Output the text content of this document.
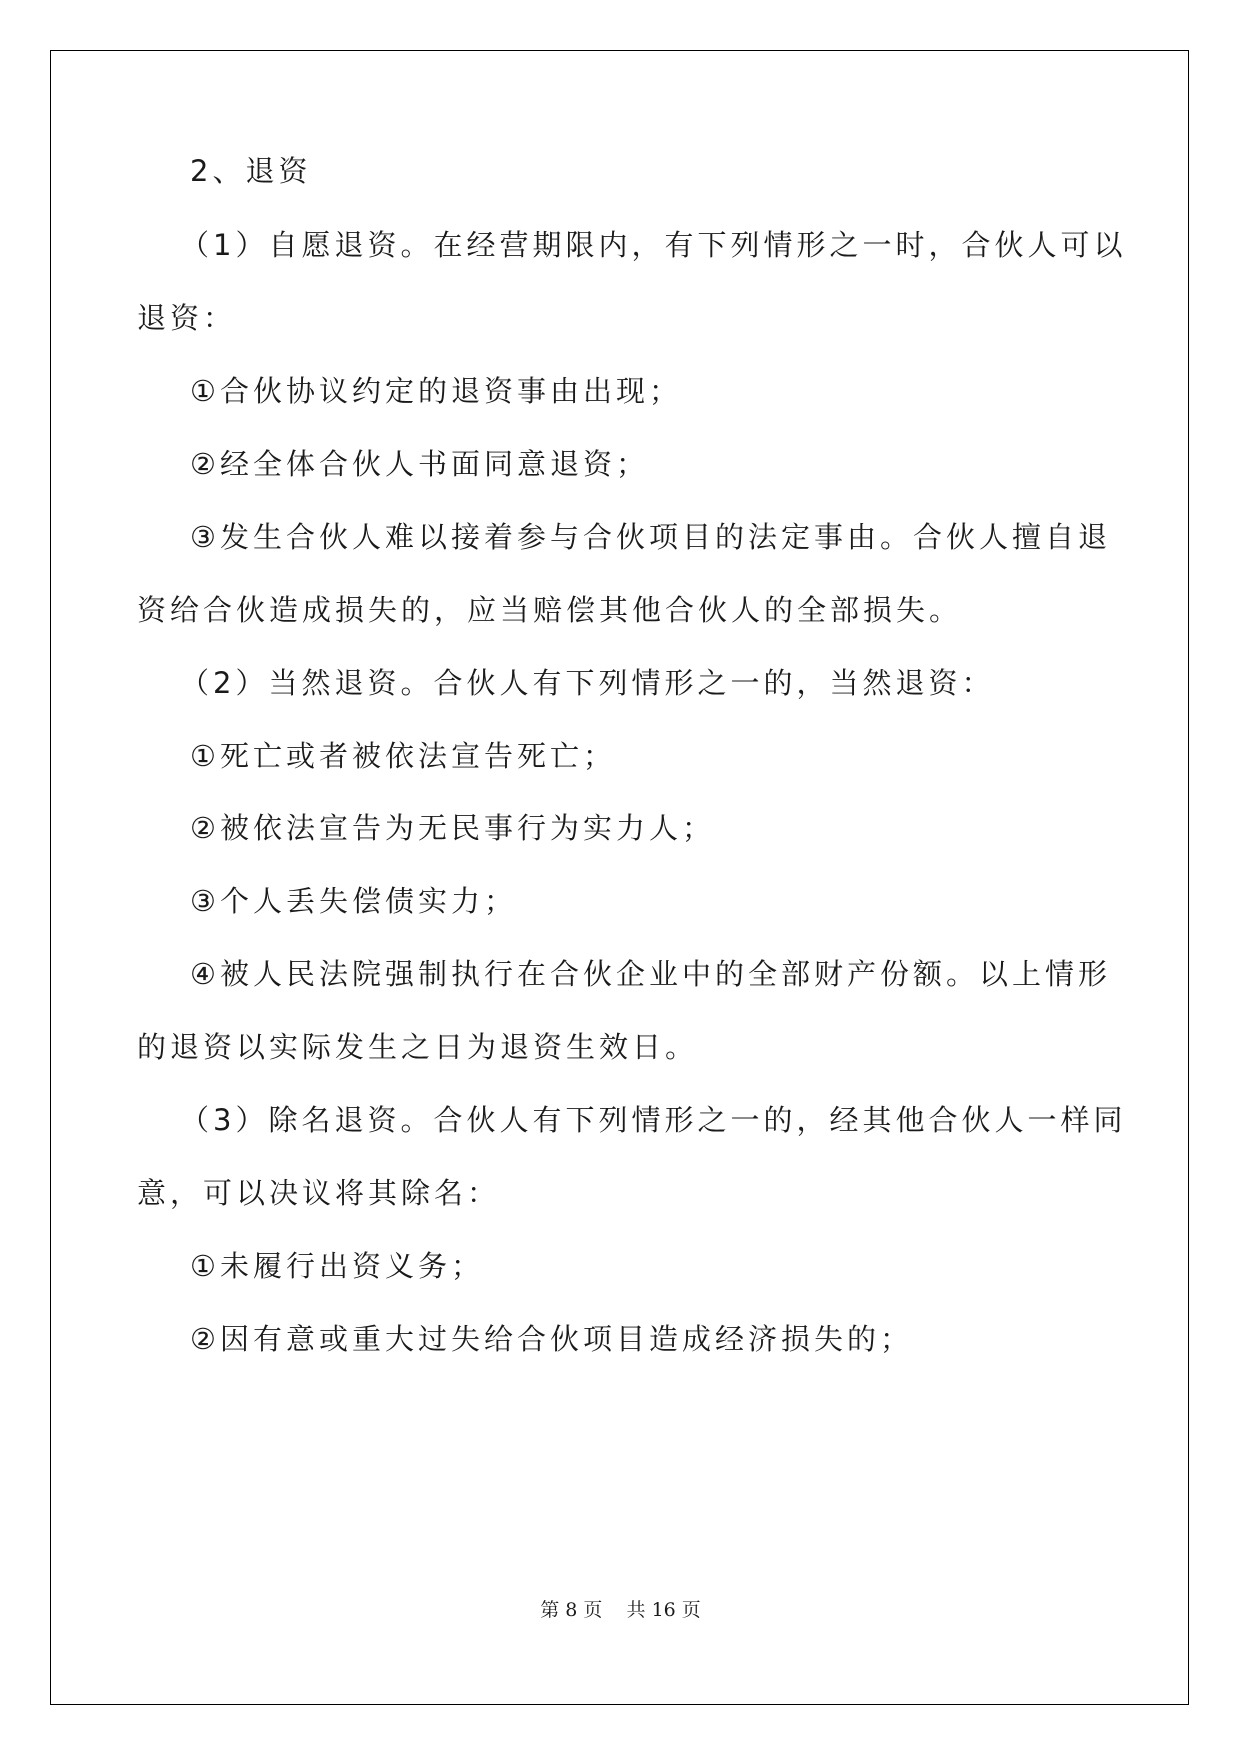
2、退资

（1）自愿退资。在经营期限内，有下列情形之一时，合伙人可以

退资：

①合伙协议约定的退资事由出现；

②经全体合伙人书面同意退资；

③发生合伙人难以接着参与合伙项目的法定事由。合伙人擅自退

资给合伙造成损失的，应当赔偿其他合伙人的全部损失。

（2）当然退资。合伙人有下列情形之一的，当然退资：

①死亡或者被依法宣告死亡；

②被依法宣告为无民事行为实力人；

③个人丢失偿债实力；

④被人民法院强制执行在合伙企业中的全部财产份额。以上情形

的退资以实际发生之日为退资生效日。

（3）除名退资。合伙人有下列情形之一的，经其他合伙人一样同

意，可以决议将其除名：

①未履行出资义务；

②因有意或重大过失给合伙项目造成经济损失的；

第 8 页    共 16 页
